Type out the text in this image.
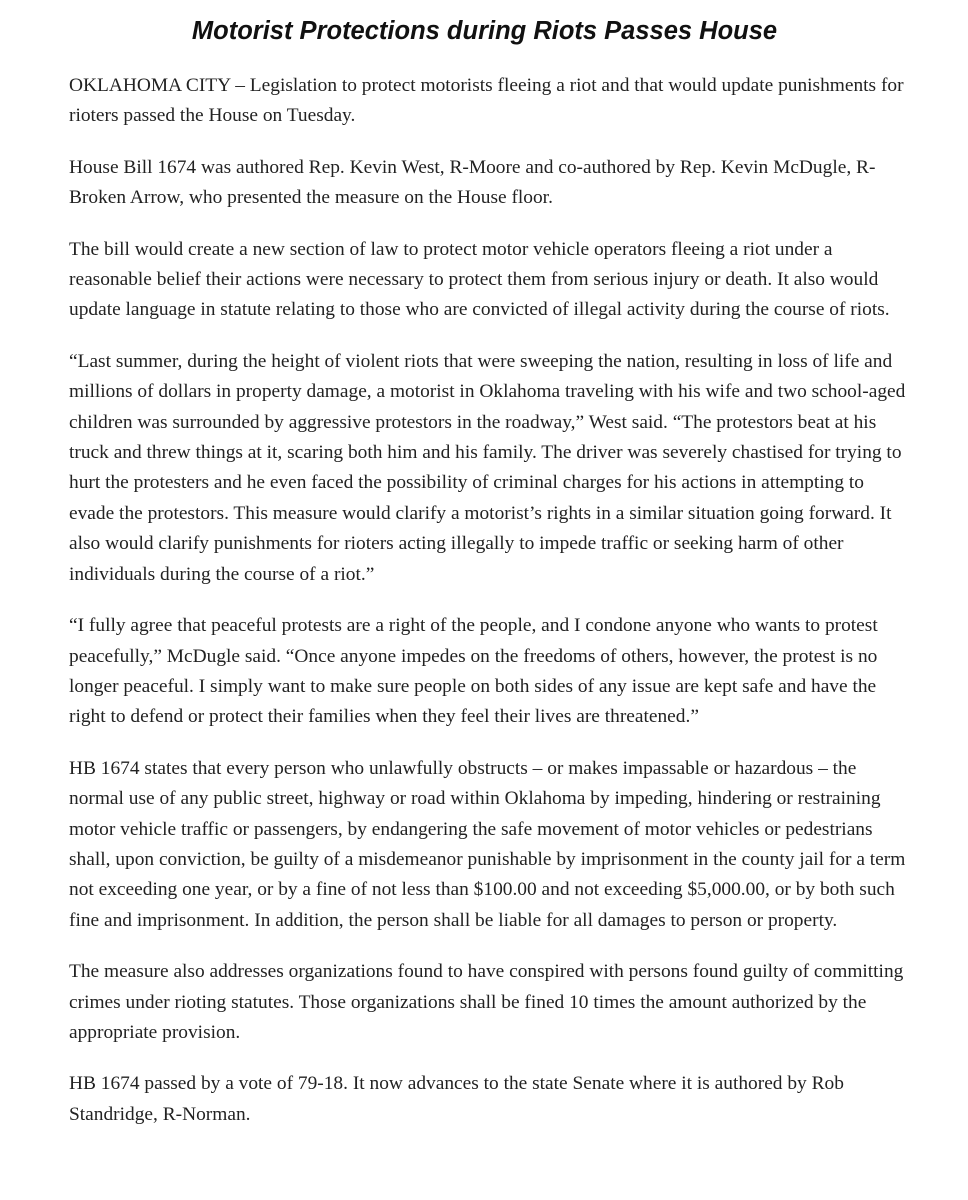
Motorist Protections during Riots Passes House

OKLAHOMA CITY – Legislation to protect motorists fleeing a riot and that would update punishments for rioters passed the House on Tuesday.

House Bill 1674 was authored Rep. Kevin West, R-Moore and co-authored by Rep. Kevin McDugle, R-Broken Arrow, who presented the measure on the House floor.

The bill would create a new section of law to protect motor vehicle operators fleeing a riot under a reasonable belief their actions were necessary to protect them from serious injury or death. It also would update language in statute relating to those who are convicted of illegal activity during the course of riots.

“Last summer, during the height of violent riots that were sweeping the nation, resulting in loss of life and millions of dollars in property damage, a motorist in Oklahoma traveling with his wife and two school-aged children was surrounded by aggressive protestors in the roadway,” West said. “The protestors beat at his truck and threw things at it, scaring both him and his family. The driver was severely chastised for trying to hurt the protesters and he even faced the possibility of criminal charges for his actions in attempting to evade the protestors. This measure would clarify a motorist’s rights in a similar situation going forward. It also would clarify punishments for rioters acting illegally to impede traffic or seeking harm of other individuals during the course of a riot.”

“I fully agree that peaceful protests are a right of the people, and I condone anyone who wants to protest peacefully,” McDugle said. “Once anyone impedes on the freedoms of others, however, the protest is no longer peaceful. I simply want to make sure people on both sides of any issue are kept safe and have the right to defend or protect their families when they feel their lives are threatened.”

HB 1674 states that every person who unlawfully obstructs – or makes impassable or hazardous – the normal use of any public street, highway or road within Oklahoma by impeding, hindering or restraining motor vehicle traffic or passengers, by endangering the safe movement of motor vehicles or pedestrians shall, upon conviction, be guilty of a misdemeanor punishable by imprisonment in the county jail for a term not exceeding one year, or by a fine of not less than $100.00 and not exceeding $5,000.00, or by both such fine and imprisonment. In addition, the person shall be liable for all damages to person or property.

The measure also addresses organizations found to have conspired with persons found guilty of committing crimes under rioting statutes. Those organizations shall be fined 10 times the amount authorized by the appropriate provision.

HB 1674 passed by a vote of 79-18. It now advances to the state Senate where it is authored by Rob Standridge, R-Norman.
